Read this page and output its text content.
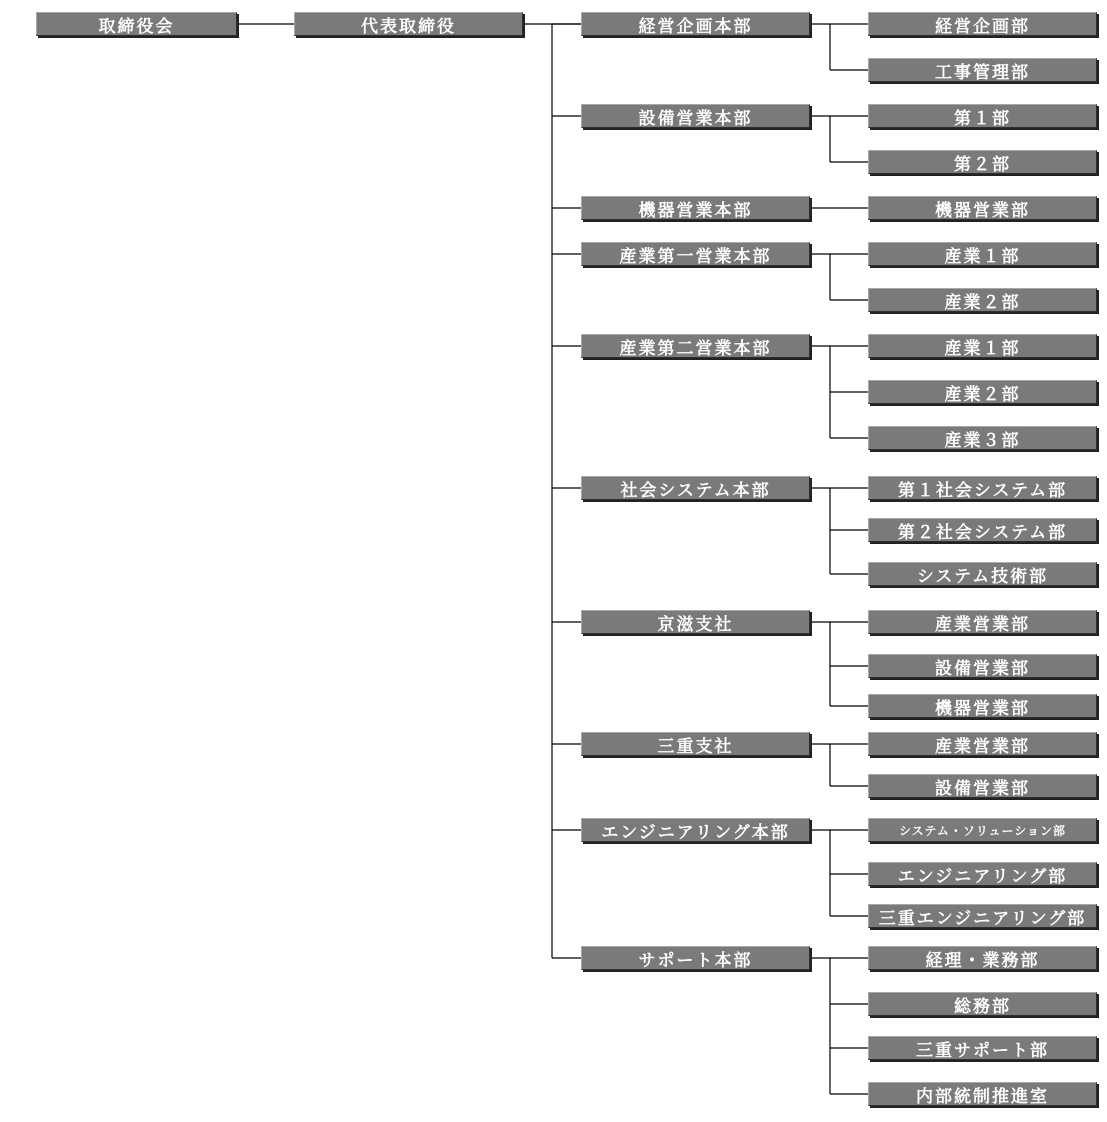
取締役会	代表取締役	経営企画本部	経営企画部
工事管理部
設備営業本部	第１部
第２部
機器営業本部	機器営業部
産業第一営業本部	産業１部
産業２部
産業第二営業本部	産業１部
産業２部
産業３部
社会システム本部	第１社会システム部
第２社会システム部
システム技術部
京滋支社	産業営業部
設備営業部
機器営業部
三重支社	産業営業部
設備営業部
エンジニアリング本部	システム・ソリューション部
エンジニアリング部
三重エンジニアリング部
サポート本部	経理・業務部
総務部
三重サポート部
内部統制推進室
